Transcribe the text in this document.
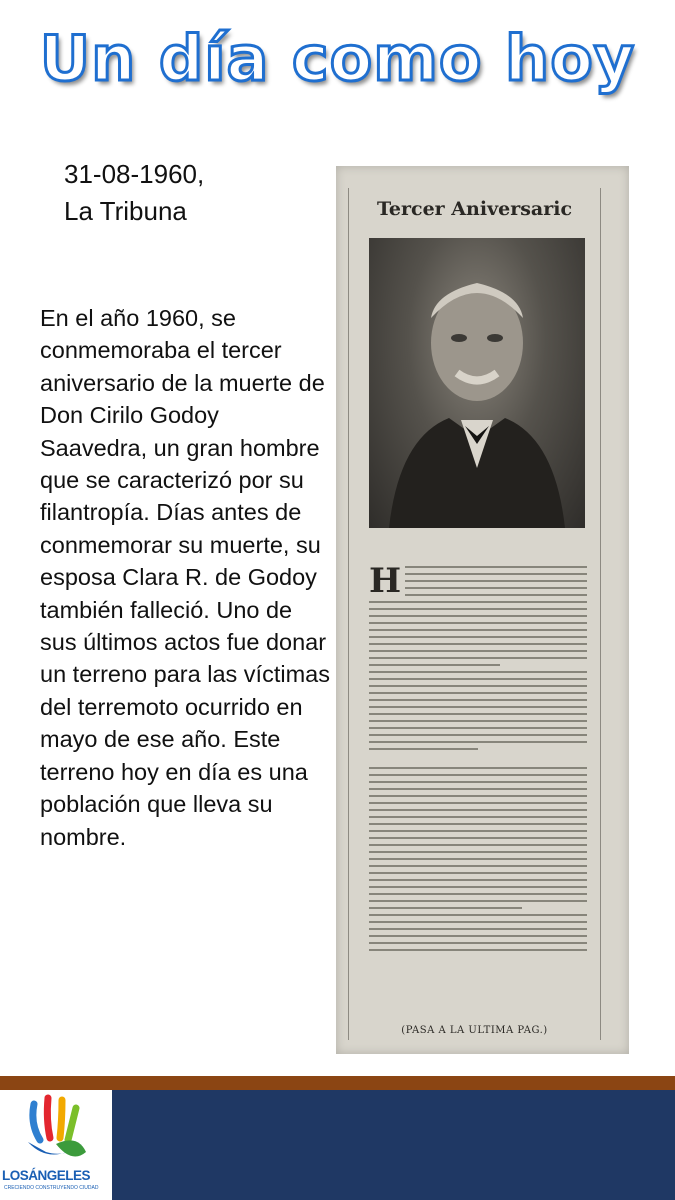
Un día como hoy
31-08-1960,
La Tribuna
En el año 1960, se conmemoraba el tercer aniversario de la muerte de Don Cirilo Godoy Saavedra, un gran hombre que se caracterizó por su filantropía. Días antes de conmemorar su muerte, su esposa Clara R. de Godoy también falleció. Uno de sus últimos actos fue donar un terreno para las víctimas del terremoto ocurrido en mayo de ese año. Este terreno hoy en día es una población que lleva su nombre.
Tercer Aniversaric
H
(PASA A LA ULTIMA PAG.)
LOSÁNGELES
CRECIENDO CONSTRUYENDO CIUDAD
